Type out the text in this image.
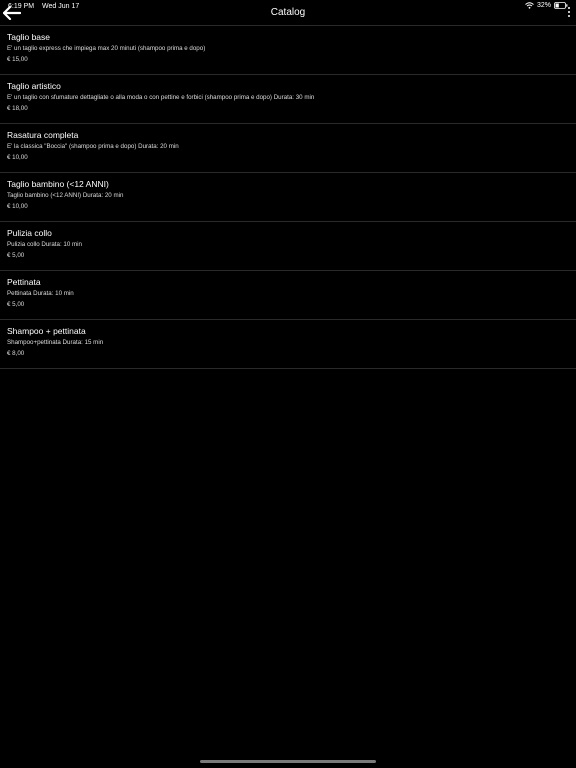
Catalog
6:19 PM Wed Jun 17	32%
Taglio base
E' un taglio express che impiega max 20 minuti (shampoo prima e dopo)
€ 15,00
Taglio artistico
E' un taglio con sfumature dettagliate o alla moda o con pettine e forbici (shampoo prima e dopo) Durata: 30 min
€ 18,00
Rasatura completa
E' la classica "Boccia" (shampoo prima e dopo) Durata: 20 min
€ 10,00
Taglio bambino (<12 ANNI)
Taglio bambino (<12 ANNI) Durata: 20 min
€ 10,00
Pulizia collo
Pulizia collo Durata: 10 min
€ 5,00
Pettinata
Pettinata Durata: 10 min
€ 5,00
Shampoo + pettinata
Shampoo+pettinata Durata: 15 min
€ 8,00
